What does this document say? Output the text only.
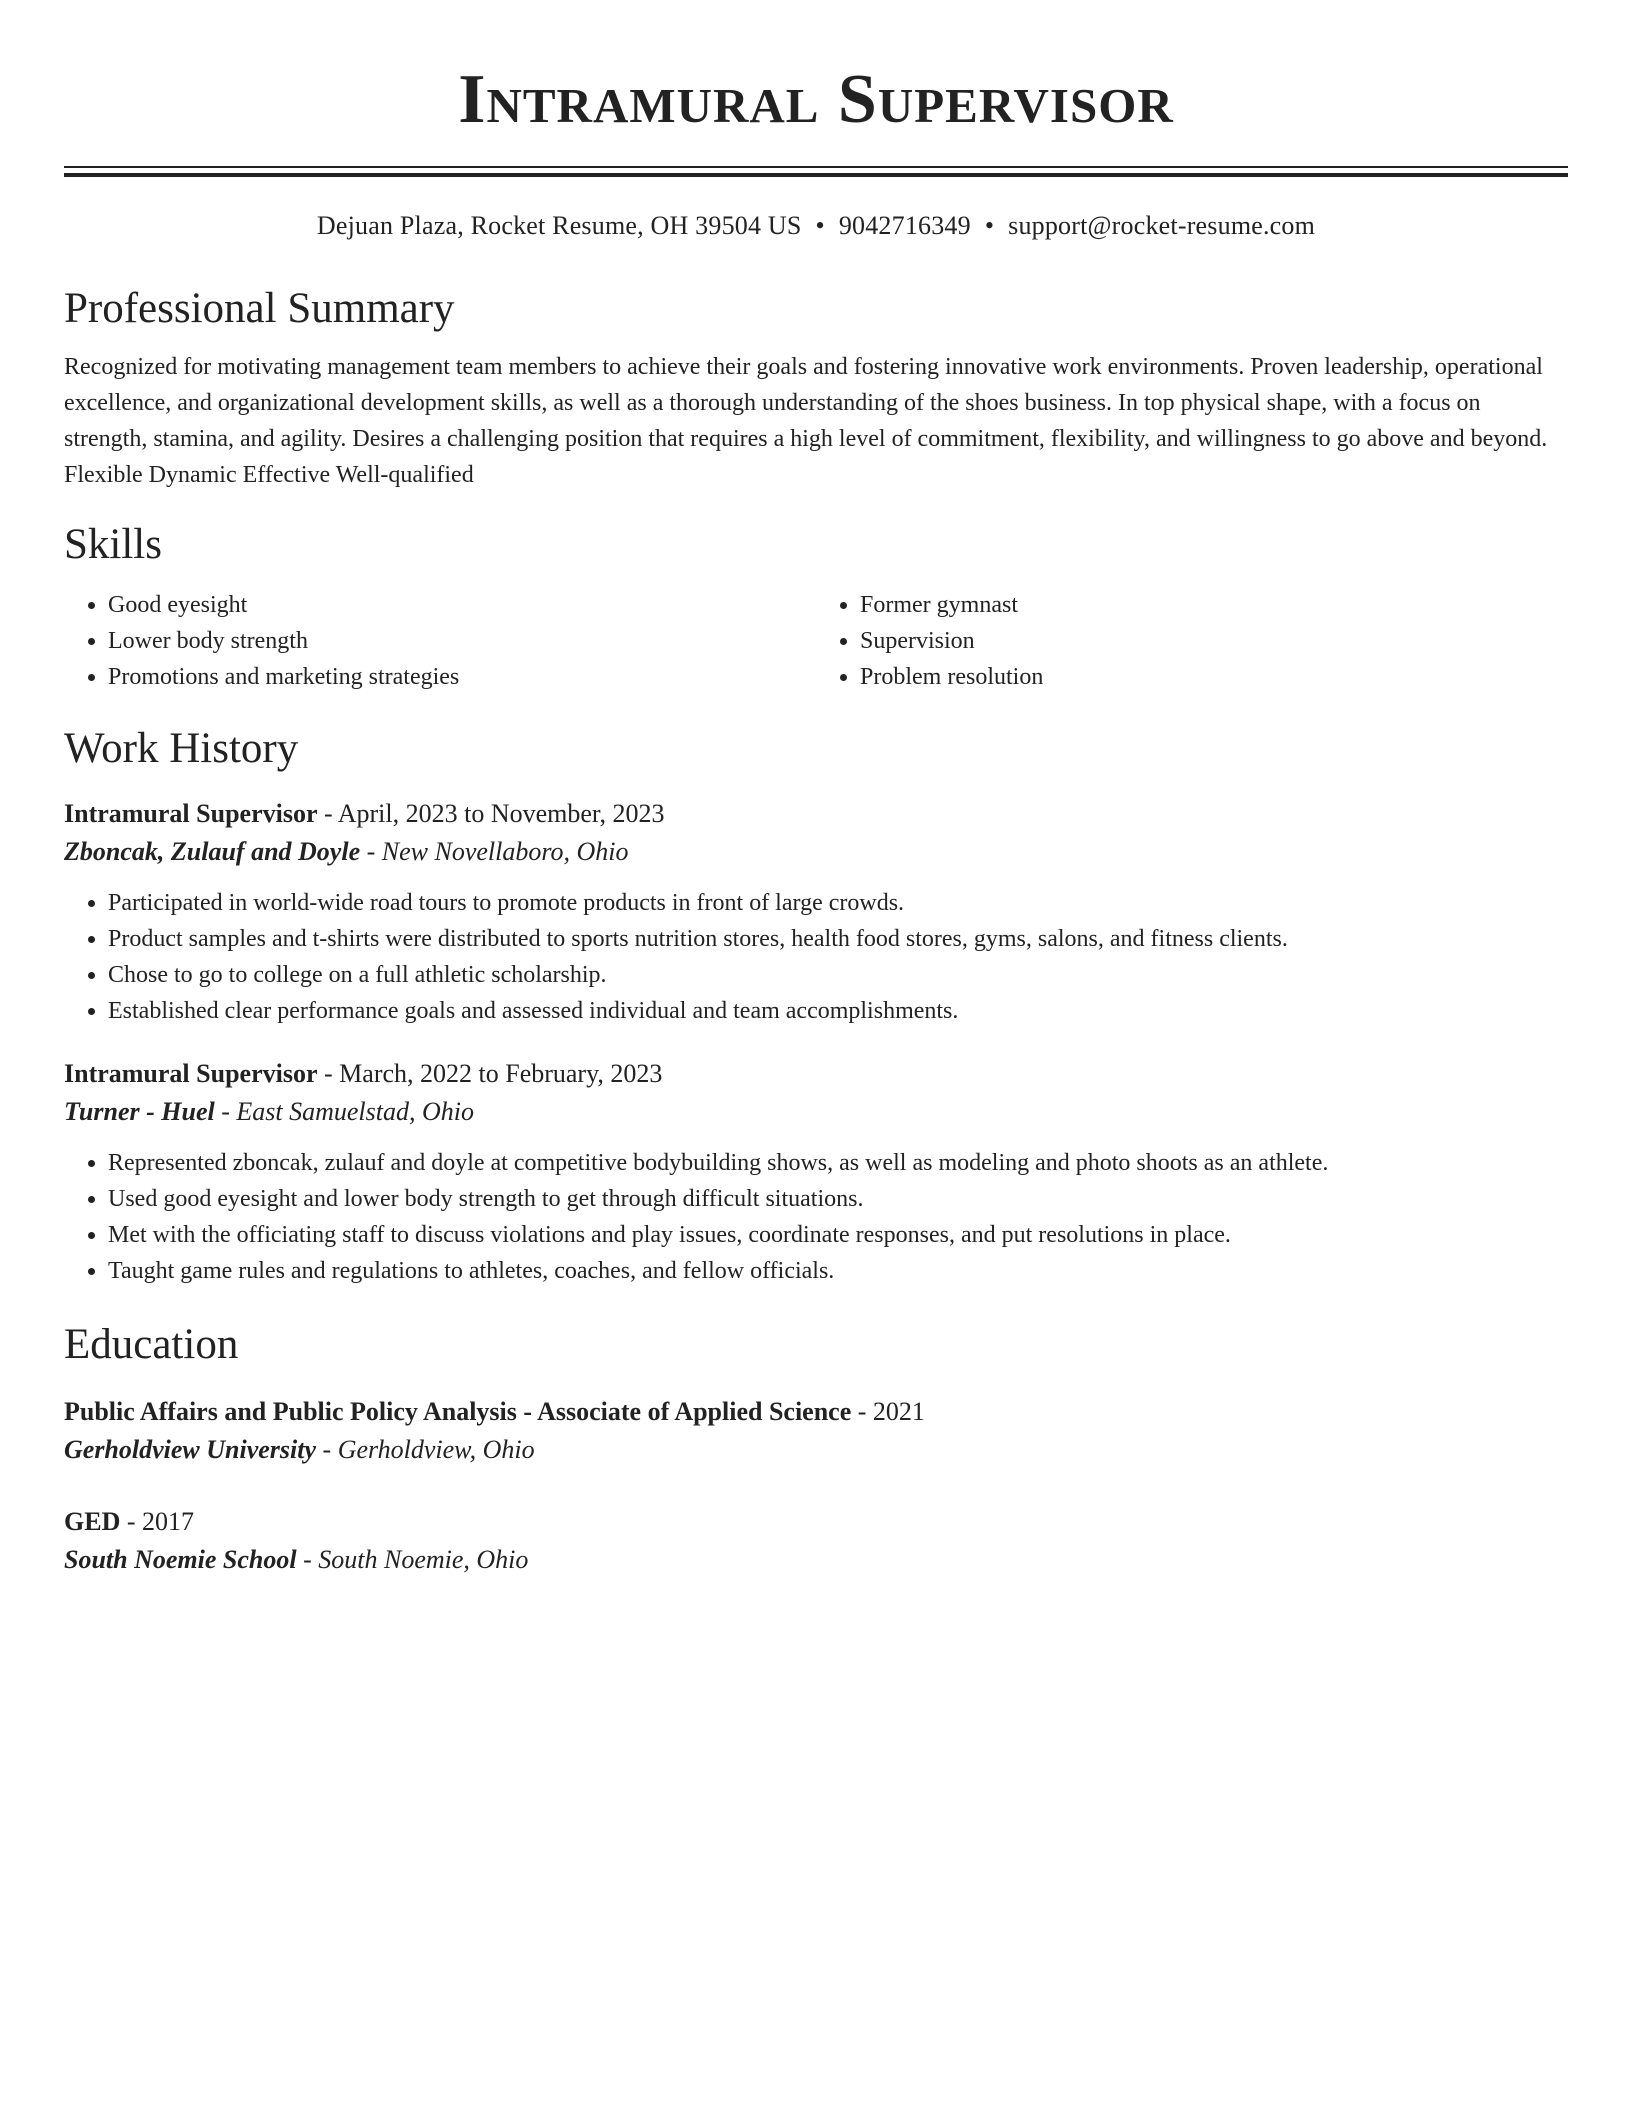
Intramural Supervisor
Dejuan Plaza, Rocket Resume, OH 39504 US • 9042716349 • support@rocket-resume.com
Professional Summary
Recognized for motivating management team members to achieve their goals and fostering innovative work environments. Proven leadership, operational excellence, and organizational development skills, as well as a thorough understanding of the shoes business. In top physical shape, with a focus on strength, stamina, and agility. Desires a challenging position that requires a high level of commitment, flexibility, and willingness to go above and beyond. Flexible Dynamic Effective Well-qualified
Skills
• Good eyesight
• Lower body strength
• Promotions and marketing strategies
• Former gymnast
• Supervision
• Problem resolution
Work History
Intramural Supervisor - April, 2023 to November, 2023
Zboncak, Zulauf and Doyle - New Novellaboro, Ohio
• Participated in world-wide road tours to promote products in front of large crowds.
• Product samples and t-shirts were distributed to sports nutrition stores, health food stores, gyms, salons, and fitness clients.
• Chose to go to college on a full athletic scholarship.
• Established clear performance goals and assessed individual and team accomplishments.
Intramural Supervisor - March, 2022 to February, 2023
Turner - Huel - East Samuelstad, Ohio
• Represented zboncak, zulauf and doyle at competitive bodybuilding shows, as well as modeling and photo shoots as an athlete.
• Used good eyesight and lower body strength to get through difficult situations.
• Met with the officiating staff to discuss violations and play issues, coordinate responses, and put resolutions in place.
• Taught game rules and regulations to athletes, coaches, and fellow officials.
Education
Public Affairs and Public Policy Analysis - Associate of Applied Science - 2021
Gerholdview University - Gerholdview, Ohio
GED - 2017
South Noemie School - South Noemie, Ohio
